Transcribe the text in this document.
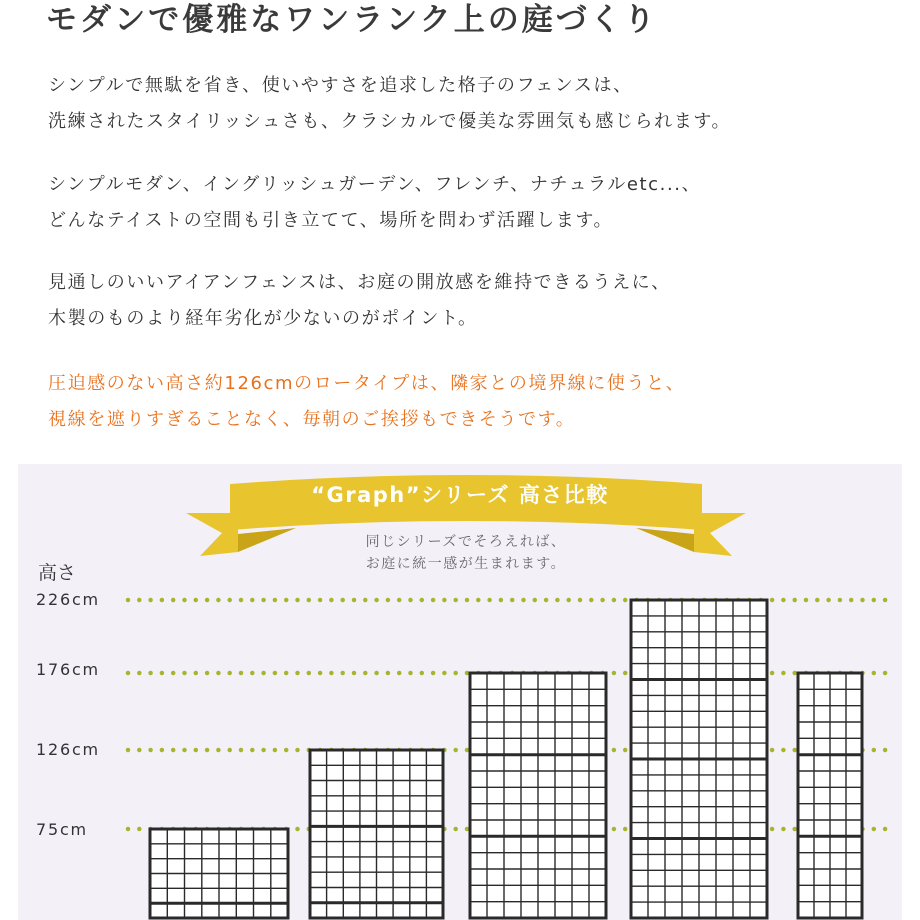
モダンで優雅なワンランク上の庭づくり

シンプルで無駄を省き、使いやすさを追求した格子のフェンスは、
洗練されたスタイリッシュさも、クラシカルで優美な雰囲気も感じられます。

シンプルモダン、イングリッシュガーデン、フレンチ、ナチュラルetc...、
どんなテイストの空間も引き立てて、場所を問わず活躍します。

見通しのいいアイアンフェンスは、お庭の開放感を維持できるうえに、
木製のものより経年劣化が少ないのがポイント。

圧迫感のない高さ約126cmのロータイプは、隣家との境界線に使うと、
視線を遮りすぎることなく、毎朝のご挨拶もできそうです。

“Graph”シリーズ 高さ比較
同じシリーズでそろえれば、
お庭に統一感が生まれます。
高さ
226cm
176cm
126cm
75cm
